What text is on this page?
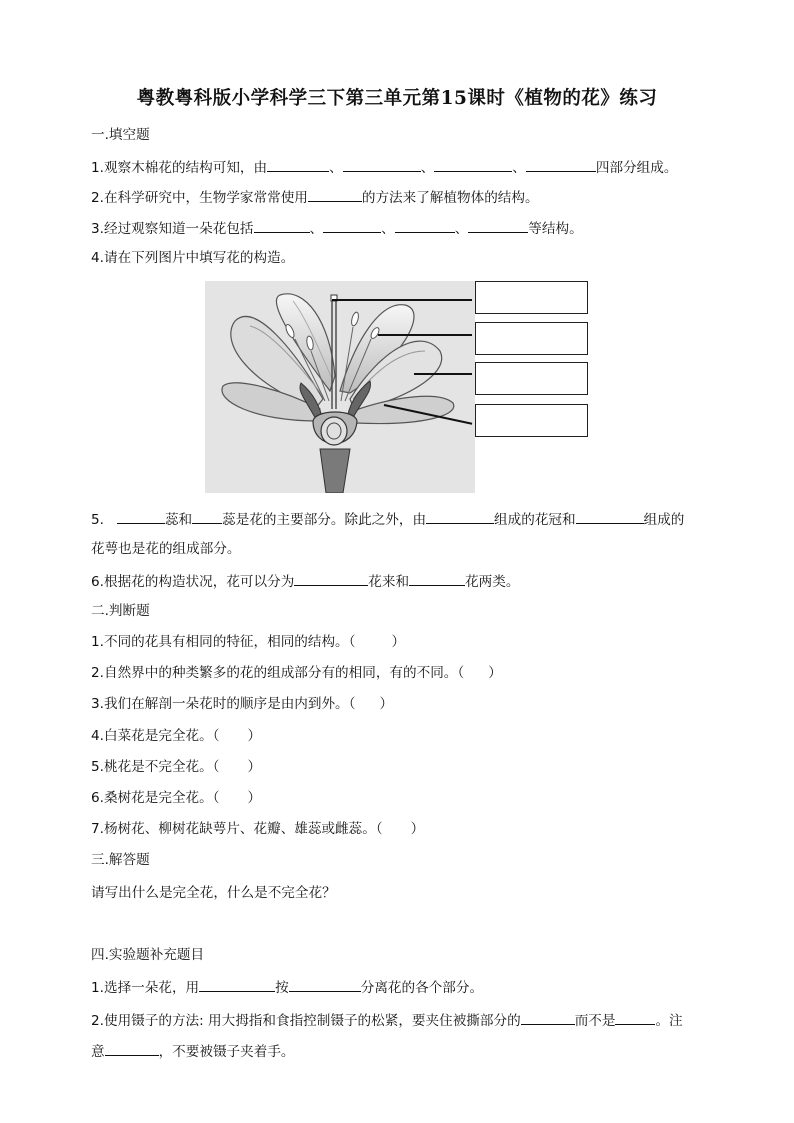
粤教粤科版小学科学三下第三单元第15课时《植物的花》练习
一.填空题
1.观察木棉花的结构可知，由	、	、	、	四部分组成。
2.在科学研究中，生物学家常常使用	的方法来了解植物体的结构。
3.经过观察知道一朵花包括	、	、	、	等结构。
4.请在下列图片中填写花的构造。
5.	蕊和 蕊是花的主要部分。除此之外，由	组成的花冠和	组成的
花萼也是花的组成部分。
6.根据花的构造状况，花可以分为	花来和	花两类。
二.判断题
1.不同的花具有相同的特征，相同的结构。（	）
2.自然界中的种类繁多的花的组成部分有的相同，有的不同。（ ）
3.我们在解剖一朵花时的顺序是由内到外。（ ）
4.白菜花是完全花。（ ）
5.桃花是不完全花。（ ）
6.桑树花是完全花。（ ）
7.杨树花、柳树花缺萼片、花瓣、雄蕊或雌蕊。（ ）
三.解答题
请写出什么是完全花，什么是不完全花？
四.实验题补充题目
1.选择一朵花，用	按	分离花的各个部分。
2.使用镊子的方法: 用大拇指和食指控制镊子的松紧，要夹住被撕部分的	而不是	。注
意	，不要被镊子夹着手。
